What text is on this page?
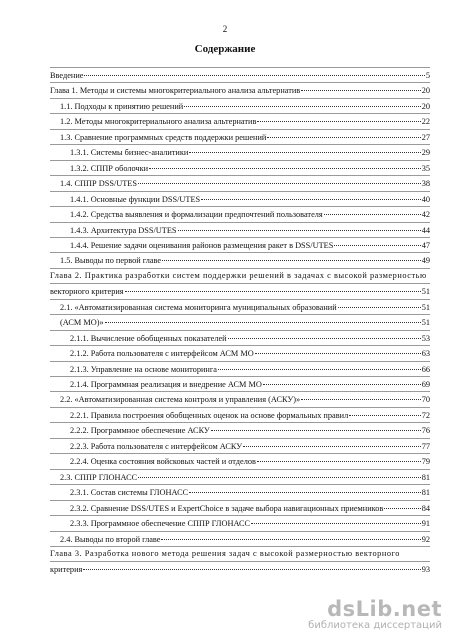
2
Содержание
Введение	5
Глава 1. Методы и системы многокритериального анализа альтернатив	20
1.1. Подходы к принятию решений	20
1.2. Методы многокритериального анализа альтернатив	22
1.3. Сравнение программных средств поддержки решений	27
1.3.1. Системы бизнес-аналитики	29
1.3.2. СППР оболочки	35
1.4. СППР DSS/UTES	38
1.4.1. Основные функции DSS/UTES	40
1.4.2. Средства выявления и формализации предпочтений пользователя	42
1.4.3. Архитектура DSS/UTES	44
1.4.4. Решение задачи оценивания районов размещения ракет в DSS/UTES	47
1.5. Выводы по первой главе	49
Глава 2. Практика разработки систем поддержки решений в задачах с высокой размерностью
векторного критерия	51
2.1. «Автоматизированная система мониторинга муниципальных образований	51
(АСМ МО)»	51
2.1.1. Вычисление обобщенных показателей	53
2.1.2. Работа пользователя с интерфейсом АСМ МО	63
2.1.3. Управление на основе мониторинга	66
2.1.4. Программная реализация и внедрение АСМ МО	69
2.2. «Автоматизированная система контроля и управления (АСКУ)»	70
2.2.1. Правила построения обобщенных оценок на основе формальных правил	72
2.2.2. Программное обеспечение АСКУ	76
2.2.3. Работа пользователя с интерфейсом АСКУ	77
2.2.4. Оценка состояния войсковых частей и отделов	79
2.3. СППР ГЛОНАСС	81
2.3.1. Состав системы ГЛОНАСС	81
2.3.2. Сравнение DSS/UTES и ExpertChoice в задаче выбора навигационных приемников	84
2.3.3. Программное обеспечение СППР ГЛОНАСС	91
2.4. Выводы по второй главе	92
Глава 3. Разработка нового метода решения задач с высокой размерностью векторного
критерия	93
dsLib.net
библиотека диссертаций
